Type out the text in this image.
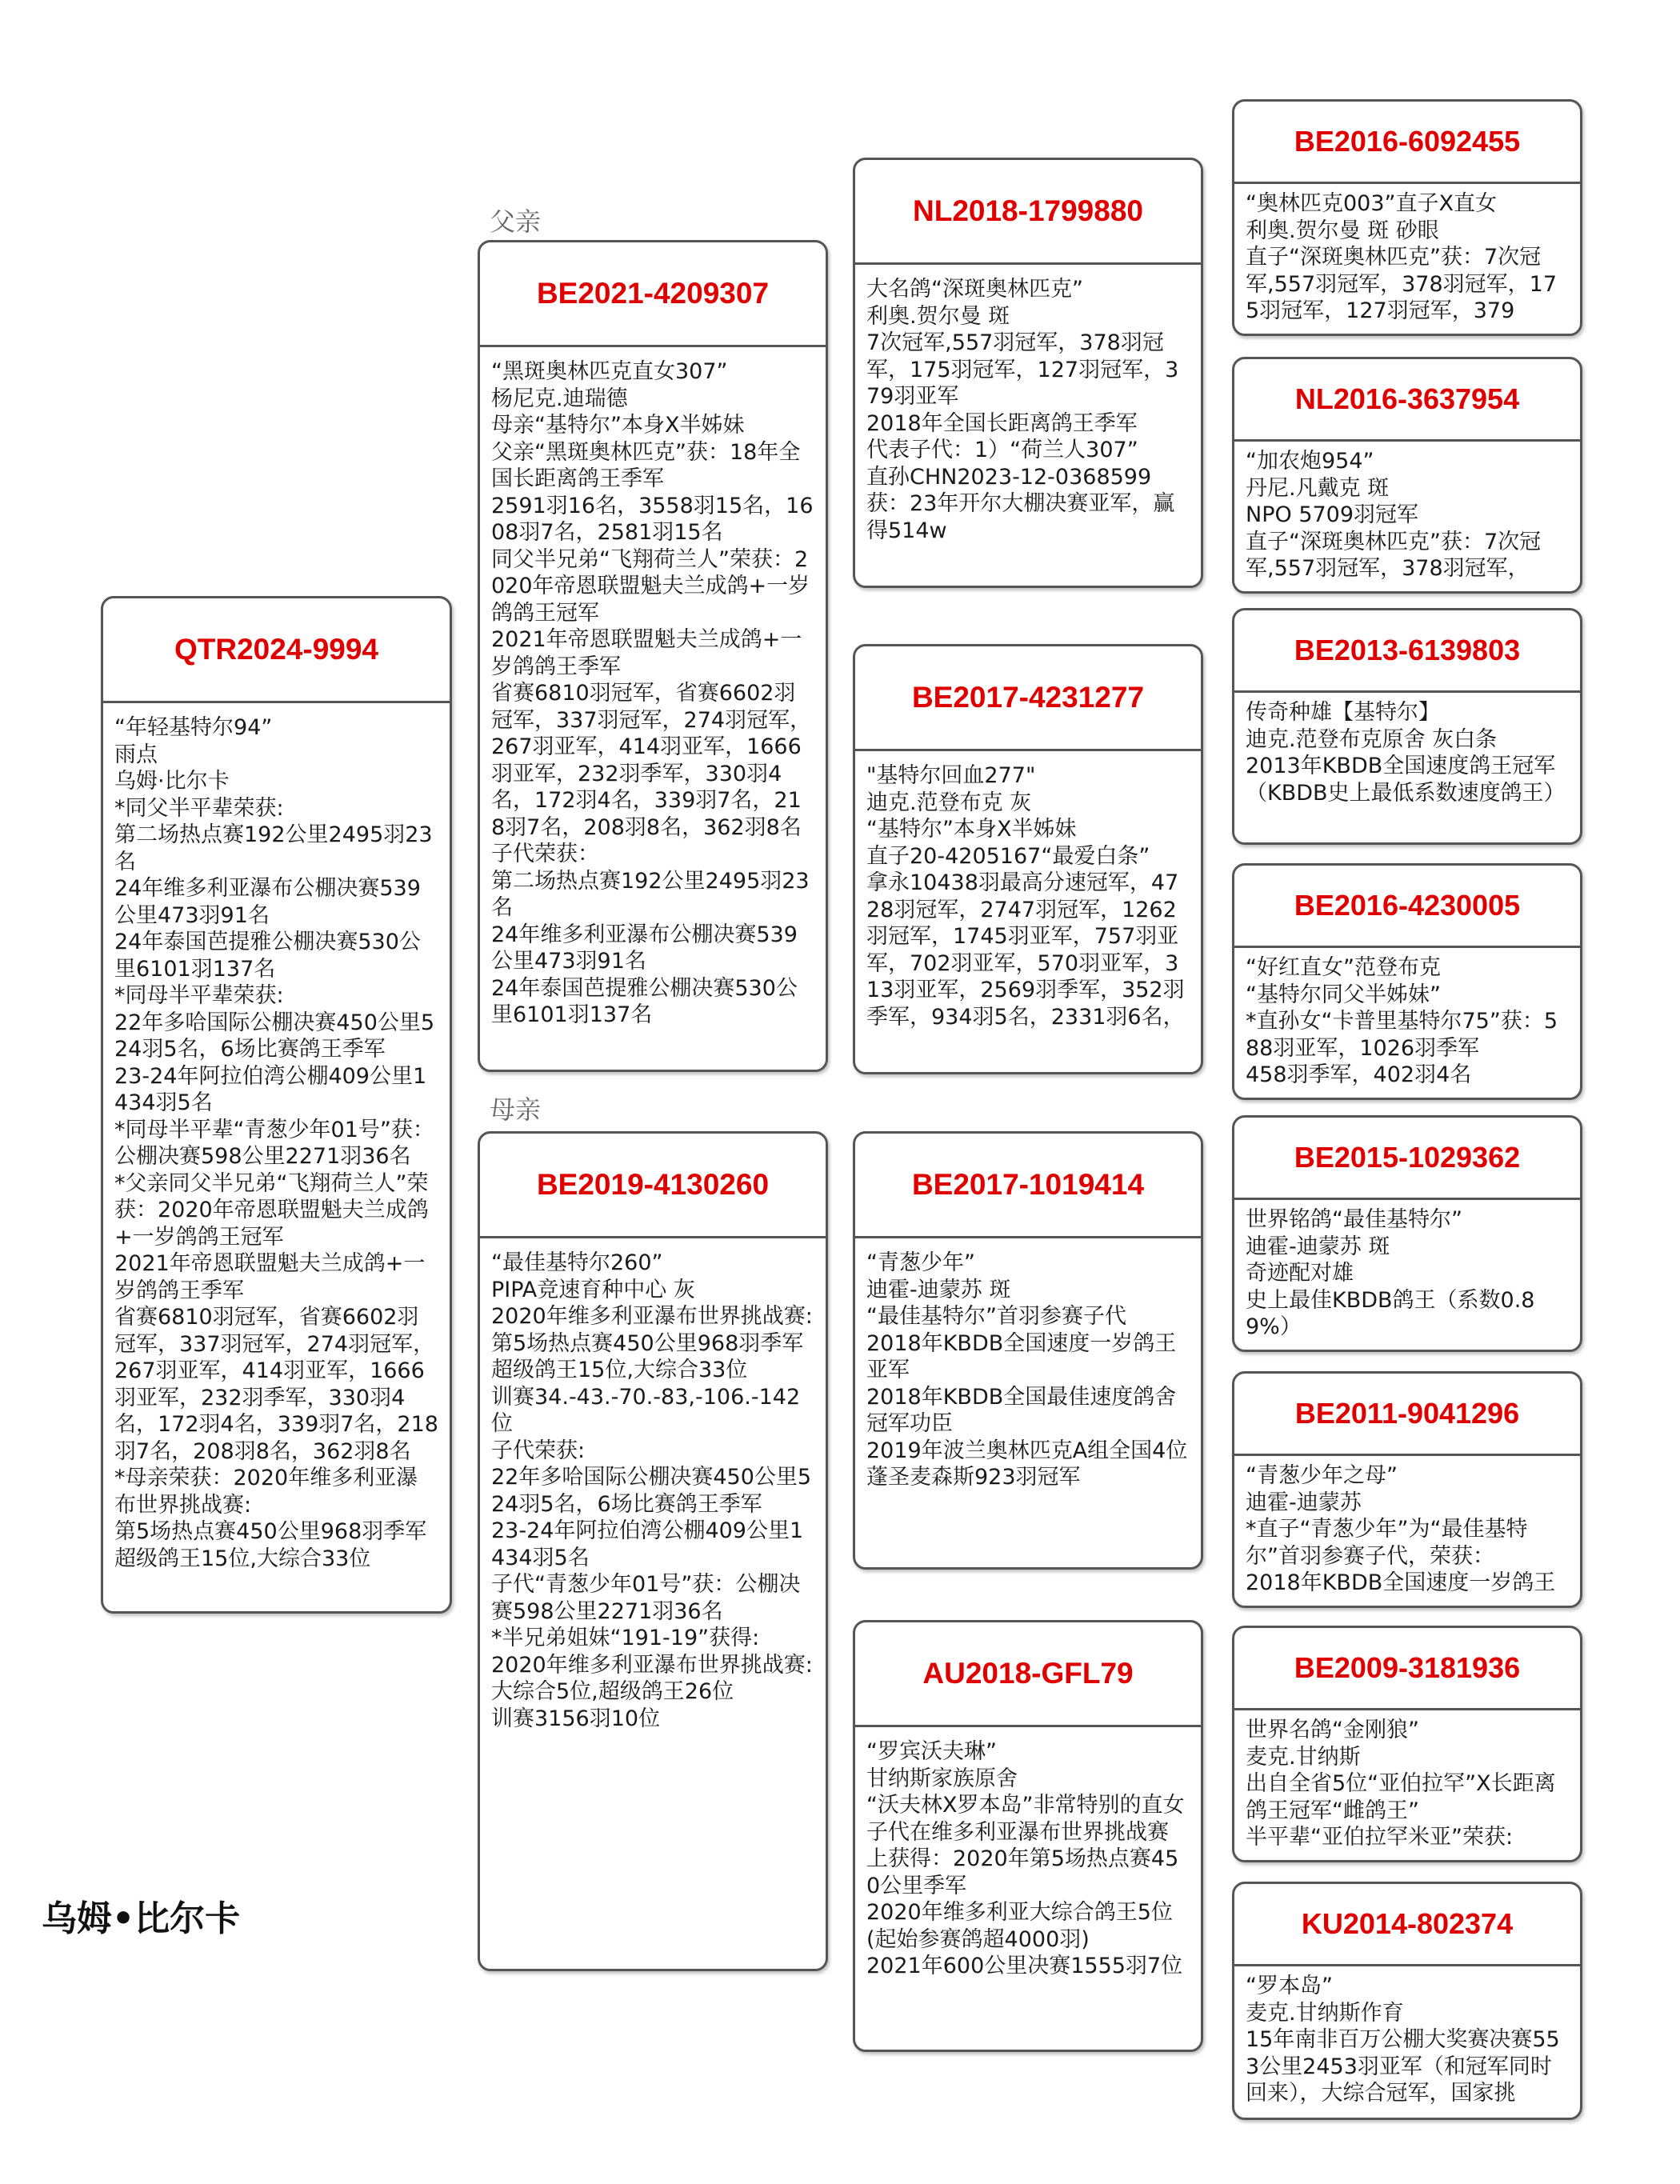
QTR2024-9994
“年轻基特尔94”
雨点
乌姆·比尔卡
*同父半平辈荣获:
第二场热点赛192公里2495羽23名
24年维多利亚瀑布公棚决赛539公里473羽91名
24年泰国芭提雅公棚决赛530公里6101羽137名
*同母半平辈荣获:
22年多哈国际公棚决赛450公里524羽5名，6场比赛鸽王季军
23-24年阿拉伯湾公棚409公里1434羽5名
*同母半平辈“青葱少年01号”获：公棚决赛598公里2271羽36名
*父亲同父半兄弟“飞翔荷兰人”荣获：2020年帝恩联盟魁夫兰成鸽+一岁鸽鸽王冠军
2021年帝恩联盟魁夫兰成鸽+一岁鸽鸽王季军
省赛6810羽冠军，省赛6602羽冠军，337羽冠军，274羽冠军，267羽亚军，414羽亚军，1666羽亚军，232羽季军，330羽4名，172羽4名，339羽7名，218羽7名，208羽8名，362羽8名
*母亲荣获：2020年维多利亚瀑布世界挑战赛:
第5场热点赛450公里968羽季军
超级鸽王15位,大综合33位
父亲
母亲
BE2021-4209307
“黑斑奥林匹克直女307”
杨尼克.迪瑞德
母亲“基特尔”本身X半姊妹
父亲“黑斑奥林匹克”获：18年全国长距离鸽王季军
2591羽16名，3558羽15名，1608羽7名，2581羽15名
同父半兄弟“飞翔荷兰人”荣获：2020年帝恩联盟魁夫兰成鸽+一岁鸽鸽王冠军
2021年帝恩联盟魁夫兰成鸽+一岁鸽鸽王季军
省赛6810羽冠军，省赛6602羽冠军，337羽冠军，274羽冠军，267羽亚军，414羽亚军，1666羽亚军，232羽季军，330羽4名，172羽4名，339羽7名，218羽7名，208羽8名，362羽8名
子代荣获：
第二场热点赛192公里2495羽23名
24年维多利亚瀑布公棚决赛539公里473羽91名
24年泰国芭提雅公棚决赛530公里6101羽137名
BE2019-4130260
“最佳基特尔260”
PIPA竞速育种中心 灰
2020年维多利亚瀑布世界挑战赛:
第5场热点赛450公里968羽季军
超级鸽王15位,大综合33位
训赛34.-43.-70.-83,-106.-142位
子代荣获:
22年多哈国际公棚决赛450公里524羽5名，6场比赛鸽王季军
23-24年阿拉伯湾公棚409公里1434羽5名
子代“青葱少年01号”获：公棚决赛598公里2271羽36名
*半兄弟姐妹“191-19”获得:
2020年维多利亚瀑布世界挑战赛:
大综合5位,超级鸽王26位
训赛3156羽10位
NL2018-1799880
大名鸽“深斑奥林匹克”
利奥.贺尔曼 斑
7次冠军,557羽冠军，378羽冠军，175羽冠军，127羽冠军，379羽亚军
2018年全国长距离鸽王季军
代表子代：1）“荷兰人307”
直孙CHN2023-12-0368599获：23年开尔大棚决赛亚军，赢得514w
BE2017-4231277
"基特尔回血277"
迪克.范登布克 灰
“基特尔”本身X半姊妹
直子20-4205167“最爱白条”
拿永10438羽最高分速冠军，4728羽冠军，2747羽冠军，1262羽冠军，1745羽亚军，757羽亚军，702羽亚军，570羽亚军，313羽亚军，2569羽季军，352羽季军，934羽5名，2331羽6名，
BE2017-1019414
“青葱少年”
迪霍-迪蒙苏 斑
“最佳基特尔”首羽参赛子代
2018年KBDB全国速度一岁鸽王亚军
2018年KBDB全国最佳速度鸽舍冠军功臣
2019年波兰奥林匹克A组全国4位
蓬圣麦森斯923羽冠军
AU2018-GFL79
“罗宾沃夫琳”
甘纳斯家族原舍
“沃夫林X罗本岛”非常特别的直女
子代在维多利亚瀑布世界挑战赛上获得：2020年第5场热点赛450公里季军
2020年维多利亚大综合鸽王5位(起始参赛鸽超4000羽)
2021年600公里决赛1555羽7位
BE2016-6092455
“奥林匹克003”直子X直女
利奥.贺尔曼 斑 砂眼
直子“深斑奥林匹克”获：7次冠军,557羽冠军，378羽冠军，175羽冠军，127羽冠军，379
NL2016-3637954
“加农炮954”
丹尼.凡戴克 斑
NPO 5709羽冠军
直子“深斑奥林匹克”获：7次冠军,557羽冠军，378羽冠军，
BE2013-6139803
传奇种雄【基特尔】
迪克.范登布克原舍 灰白条
2013年KBDB全国速度鸽王冠军
（KBDB史上最低系数速度鸽王）
BE2016-4230005
“好红直女”范登布克
“基特尔同父半姊妹”
*直孙女“卡普里基特尔75”获：588羽亚军，1026羽季军
458羽季军，402羽4名
BE2015-1029362
世界铭鸽“最佳基特尔”
迪霍-迪蒙苏 斑
奇迹配对雄
史上最佳KBDB鸽王（系数0.89%）
BE2011-9041296
“青葱少年之母”
迪霍-迪蒙苏
*直子“青葱少年”为“最佳基特尔”首羽参赛子代，荣获：
2018年KBDB全国速度一岁鸽王
BE2009-3181936
世界名鸽“金刚狼”
麦克.甘纳斯
出自全省5位“亚伯拉罕”X长距离鸽王冠军“雌鸽王”
半平辈“亚伯拉罕米亚”荣获:
KU2014-802374
“罗本岛”
麦克.甘纳斯作育
15年南非百万公棚大奖赛决赛553公里2453羽亚军（和冠军同时回来），大综合冠军，国家挑
乌姆•比尔卡
